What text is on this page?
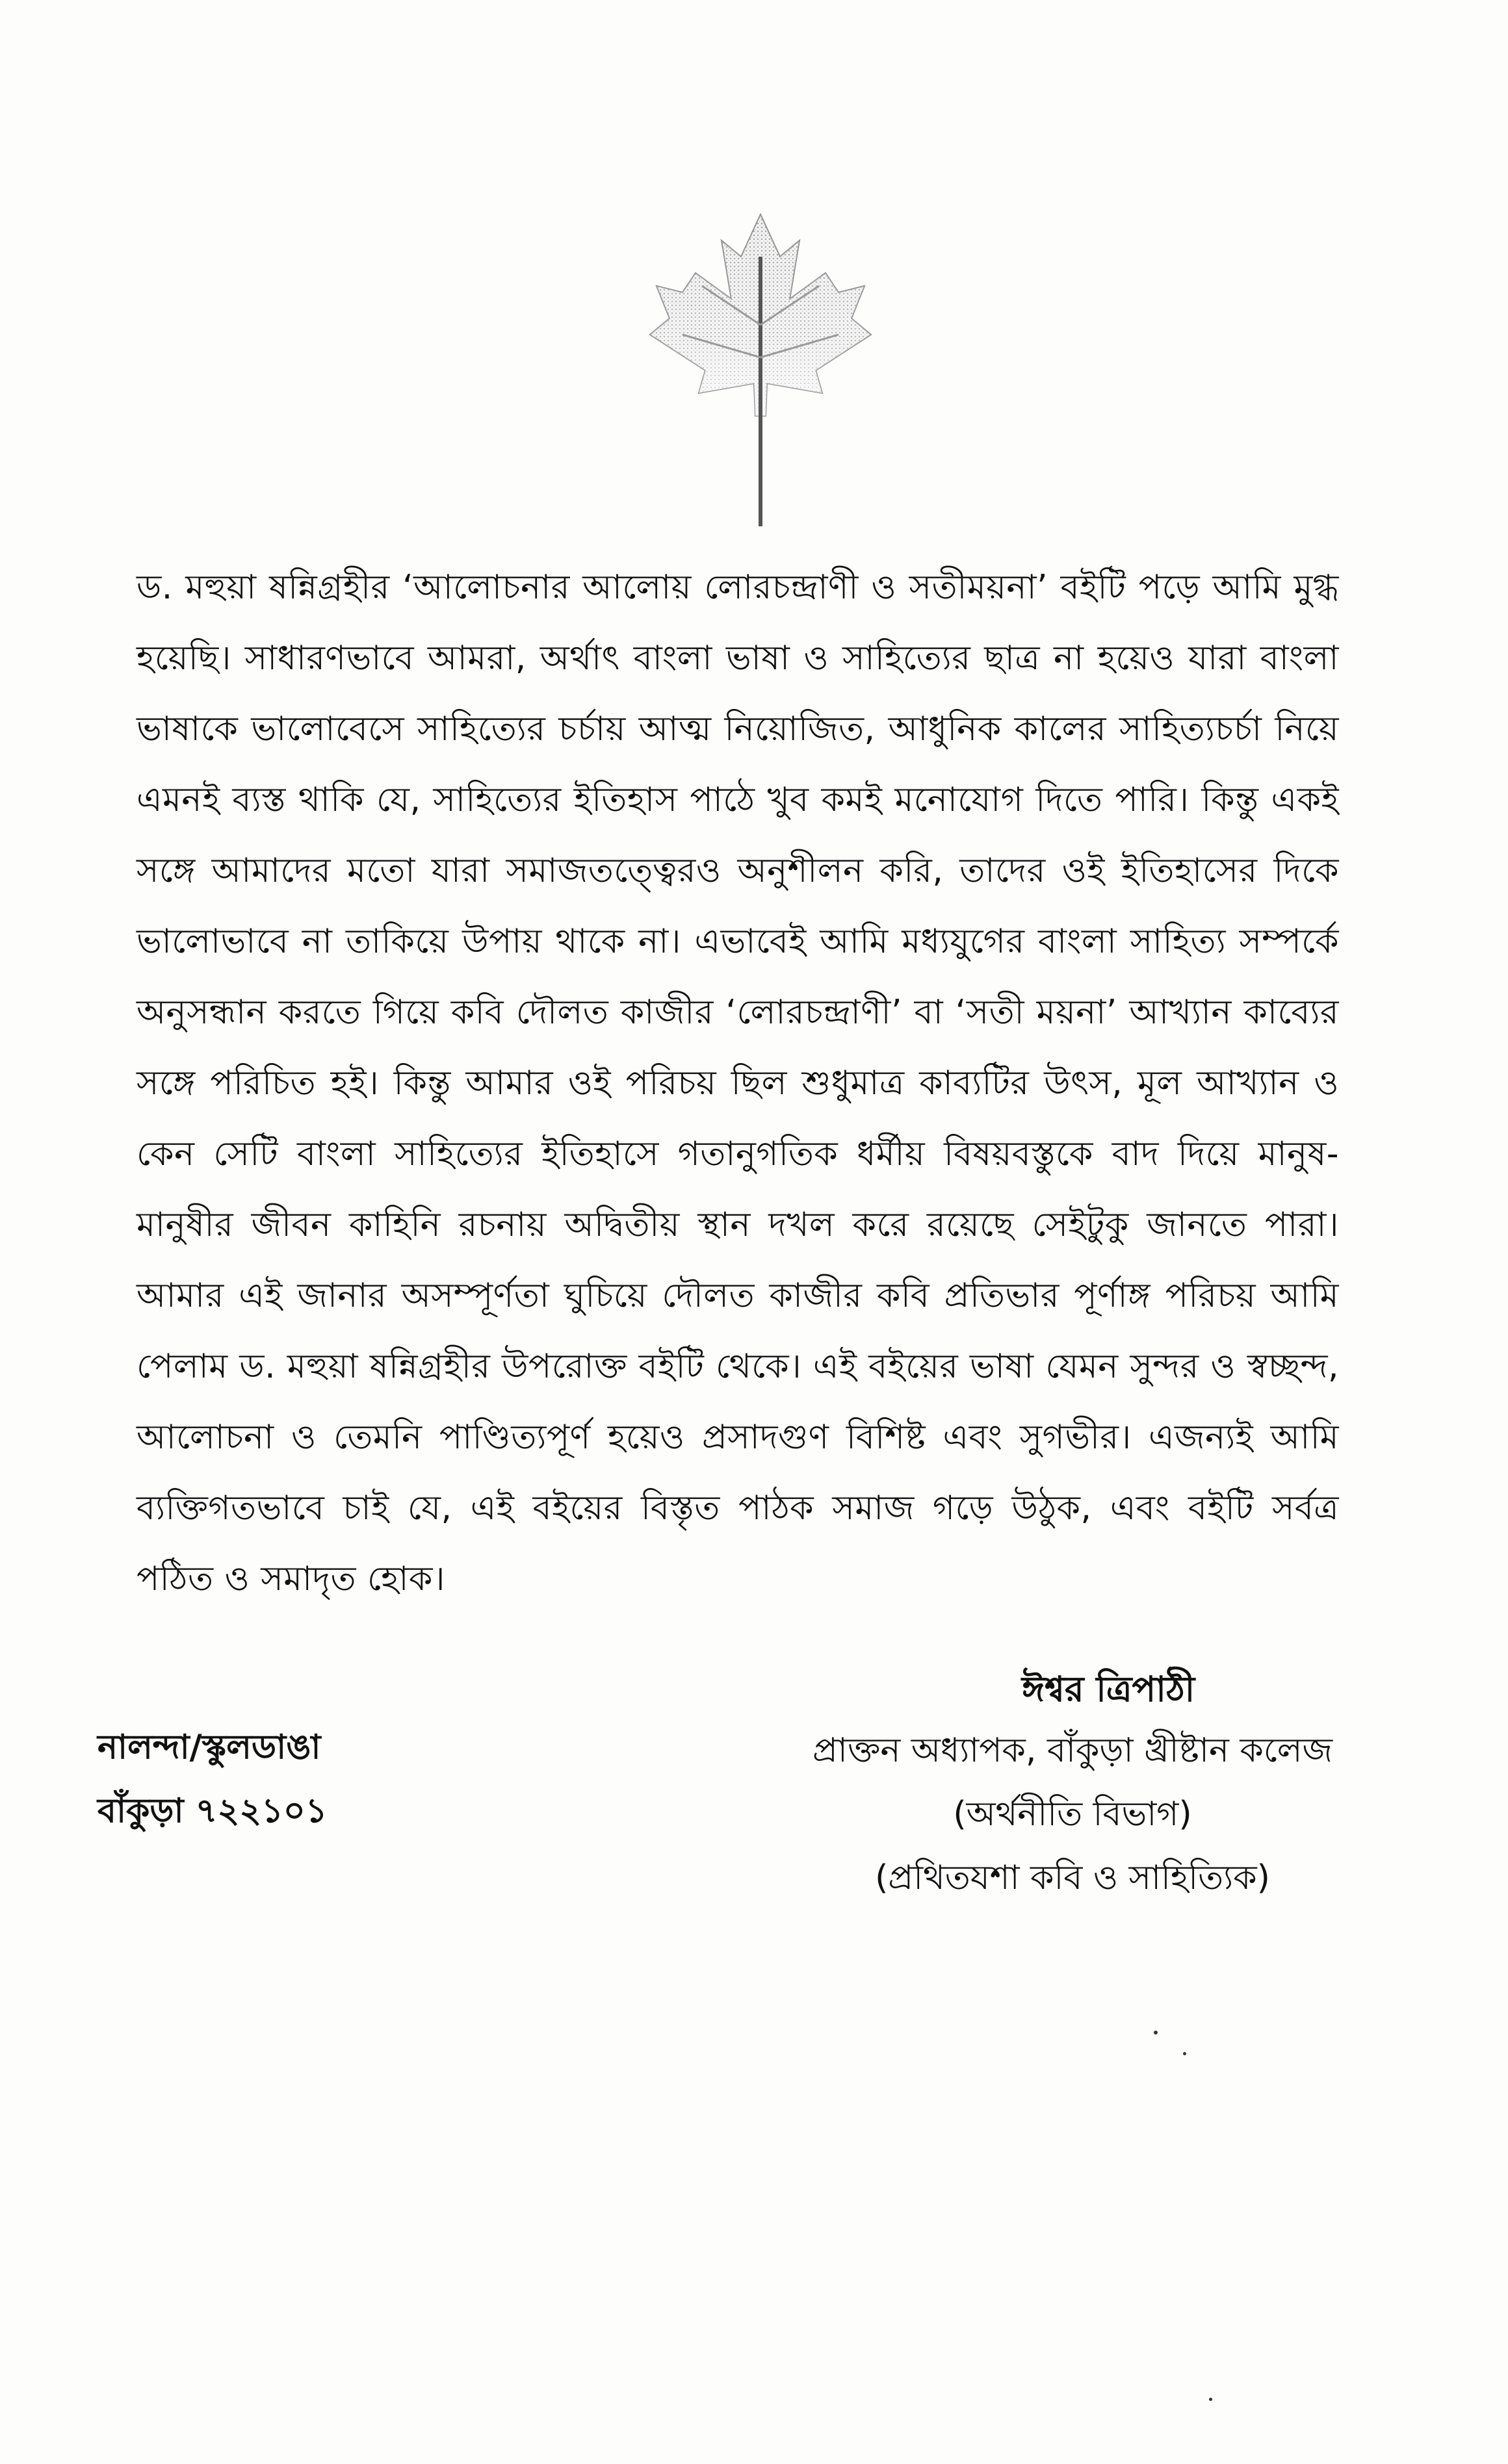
ড. মহুয়া ষন্নিগ্রহীর ‘আলোচনার আলোয় লোরচন্দ্রাণী ও সতীময়না’ বইটি পড়ে আমি মুগ্ধ হয়েছি। সাধারণভাবে আমরা, অর্থাৎ বাংলা ভাষা ও সাহিত্যের ছাত্র না হয়েও যারা বাংলা ভাষাকে ভালোবেসে সাহিত্যের চর্চায় আত্ম নিয়োজিত, আধুনিক কালের সাহিত্যচর্চা নিয়ে এমনই ব্যস্ত থাকি যে, সাহিত্যের ইতিহাস পাঠে খুব কমই মনোযোগ দিতে পারি। কিন্তু একই সঙ্গে আমাদের মতো যারা সমাজতত্ত্বেরও অনুশীলন করি, তাদের ওই ইতিহাসের দিকে ভালোভাবে না তাকিয়ে উপায় থাকে না। এভাবেই আমি মধ্যযুগের বাংলা সাহিত্য সম্পর্কে অনুসন্ধান করতে গিয়ে কবি দৌলত কাজীর ‘লোরচন্দ্রাণী’ বা ‘সতী ময়না’ আখ্যান কাব্যের সঙ্গে পরিচিত হই। কিন্তু আমার ওই পরিচয় ছিল শুধুমাত্র কাব্যটির উৎস, মূল আখ্যান ও কেন সেটি বাংলা সাহিত্যের ইতিহাসে গতানুগতিক ধর্মীয় বিষয়বস্তুকে বাদ দিয়ে মানুষ-মানুষীর জীবন কাহিনি রচনায় অদ্বিতীয় স্থান দখল করে রয়েছে সেইটুকু জানতে পারা। আমার এই জানার অসম্পূর্ণতা ঘুচিয়ে দৌলত কাজীর কবি প্রতিভার পূর্ণাঙ্গ পরিচয় আমি পেলাম ড. মহুয়া ষন্নিগ্রহীর উপরোক্ত বইটি থেকে। এই বইয়ের ভাষা যেমন সুন্দর ও স্বচ্ছন্দ, আলোচনা ও তেমনি পাণ্ডিত্যপূর্ণ হয়েও প্রসাদগুণ বিশিষ্ট এবং সুগভীর। এজন্যই আমি ব্যক্তিগতভাবে চাই যে, এই বইয়ের বিস্তৃত পাঠক সমাজ গড়ে উঠুক, এবং বইটি সর্বত্র পঠিত ও সমাদৃত হোক।

ঈশ্বর ত্রিপাঠী
প্রাক্তন অধ্যাপক, বাঁকুড়া খ্রীষ্টান কলেজ
(অর্থনীতি বিভাগ)
(প্রথিতযশা কবি ও সাহিত্যিক)
নালন্দা/স্কুলডাঙা
বাঁকুড়া ৭২২১০১
